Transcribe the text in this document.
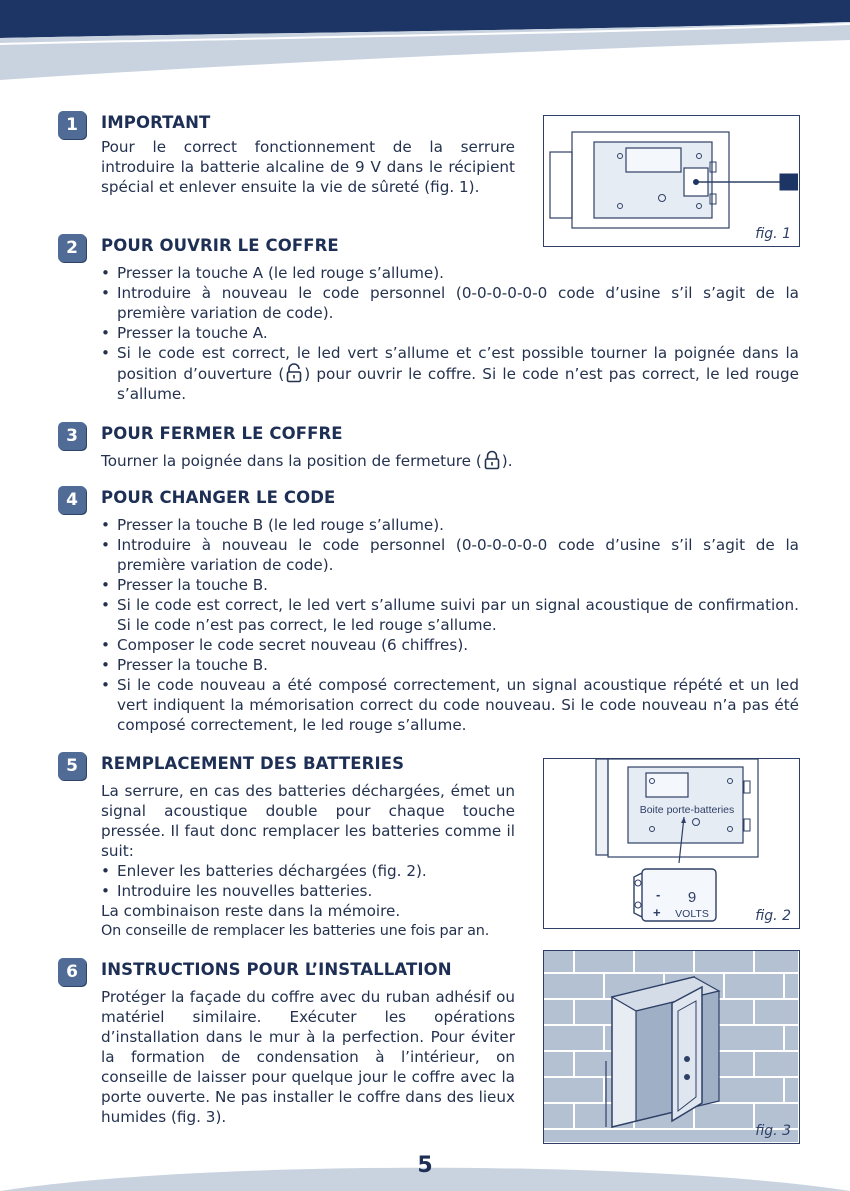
1	IMPORTANT

Pour le correct fonctionnement de la serrure introduire la batterie alcaline de 9 V dans le récipient spécial et enlever ensuite la vie de sûreté (fig. 1).

fig. 1
2	POUR OUVRIR LE COFFRE
• Presser la touche A (le led rouge s’allume).
• Introduire à nouveau le code personnel (0-0-0-0-0-0 code d’usine s’il s’agit de la première variation de code).
• Presser la touche A.
• Si le code est correct, le led vert s’allume et c’est possible tourner la poignée dans la position d’ouverture ( ) pour ouvrir le coffre. Si le code n’est pas correct, le led rouge s’allume.
3	POUR FERMER LE COFFRE

Tourner la poignée dans la position de fermeture ( ).

4	POUR CHANGER LE CODE
• Presser la touche B (le led rouge s’allume).
• Introduire à nouveau le code personnel (0-0-0-0-0-0 code d’usine s’il s’agit de la première variation de code).
• Presser la touche B.
• Si le code est correct, le led vert s’allume suivi par un signal acoustique de confirmation. Si le code n’est pas correct, le led rouge s’allume.
• Composer le code secret nouveau (6 chiffres).
• Presser la touche B.
• Si le code nouveau a été composé correctement, un signal acoustique répété et un led vert indiquent la mémorisation correct du code nouveau. Si le code nouveau n’a pas été composé correctement, le led rouge s’allume.
5	REMPLACEMENT DES BATTERIES

La serrure, en cas des batteries déchargées, émet un signal acoustique double pour chaque touche pressée. Il faut donc remplacer les batteries comme il suit:

• Enlever les batteries déchargées (fig. 2).
• Introduire les nouvelles batteries.

La combinaison reste dans la mémoire.

On conseille de remplacer les batteries une fois par an.

Boite porte-batteries
-
+
9
VOLTS	fig. 2
6	INSTRUCTIONS POUR L’INSTALLATION

Protéger la façade du coffre avec du ruban adhésif ou matériel similaire. Exécuter les opérations d’installation dans le mur à la perfection. Pour éviter la formation de condensation à l’intérieur, on conseille de laisser pour quelque jour le coffre avec la porte ouverte. Ne pas installer le coffre dans des lieux humides (fig. 3).

fig. 3
5
